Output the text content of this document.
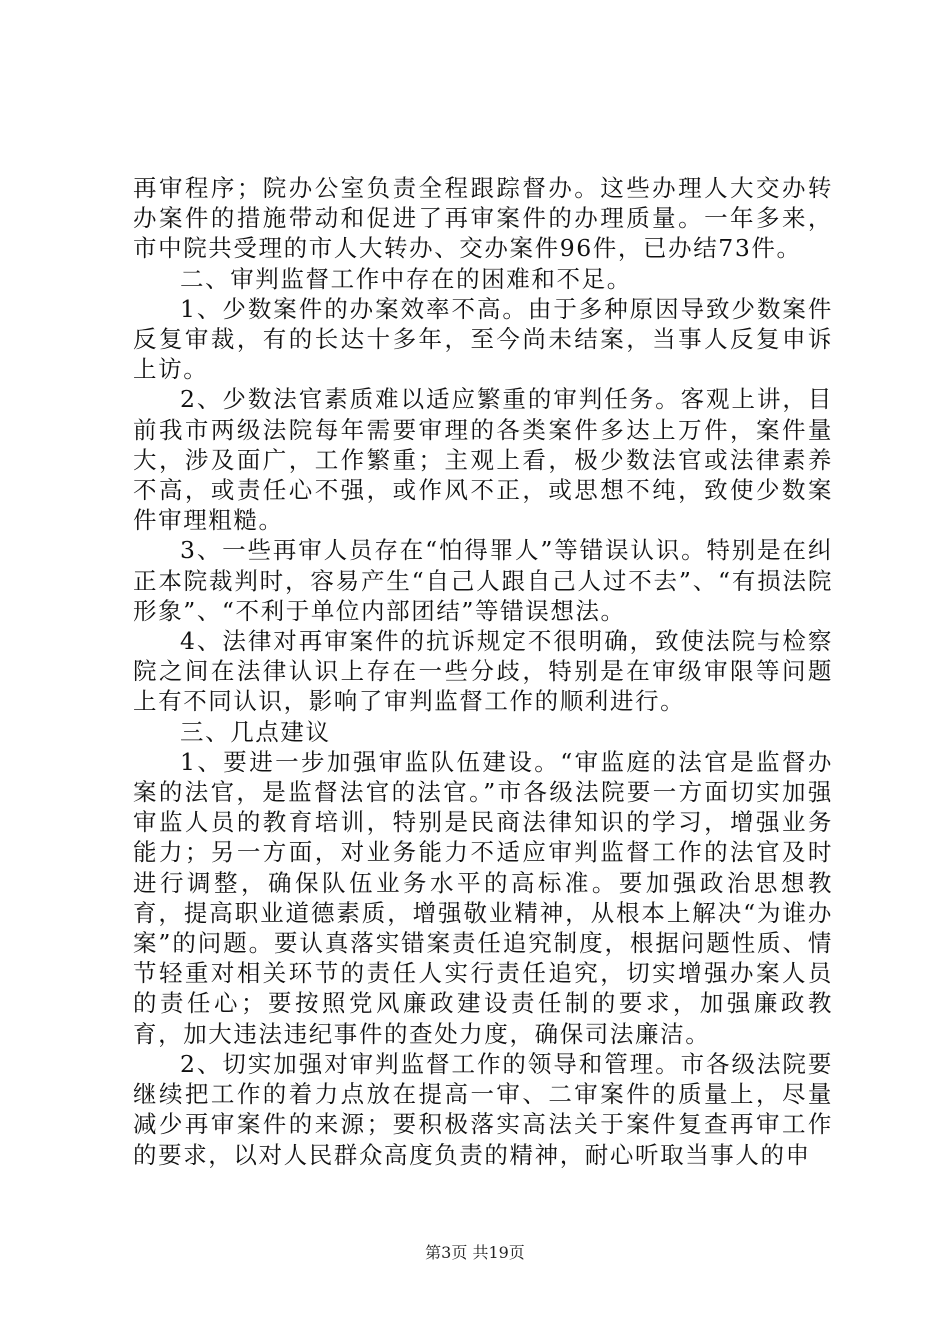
再审程序；院办公室负责全程跟踪督办。这些办理人大交办转办案件的措施带动和促进了再审案件的办理质量。一年多来，市中院共受理的市人大转办、交办案件96件，已办结73件。

二、审判监督工作中存在的困难和不足。

1、少数案件的办案效率不高。由于多种原因导致少数案件反复审裁，有的长达十多年，至今尚未结案，当事人反复申诉上访。

2、少数法官素质难以适应繁重的审判任务。客观上讲，目前我市两级法院每年需要审理的各类案件多达上万件，案件量大，涉及面广，工作繁重；主观上看，极少数法官或法律素养不高，或责任心不强，或作风不正，或思想不纯，致使少数案件审理粗糙。

3、一些再审人员存在“怕得罪人”等错误认识。特别是在纠正本院裁判时，容易产生“自己人跟自己人过不去”、“有损法院形象”、“不利于单位内部团结”等错误想法。

4、法律对再审案件的抗诉规定不很明确，致使法院与检察院之间在法律认识上存在一些分歧，特别是在审级审限等问题上有不同认识，影响了审判监督工作的顺利进行。

三、几点建议

1、要进一步加强审监队伍建设。“审监庭的法官是监督办案的法官，是监督法官的法官。”市各级法院要一方面切实加强审监人员的教育培训，特别是民商法律知识的学习，增强业务能力；另一方面，对业务能力不适应审判监督工作的法官及时进行调整，确保队伍业务水平的高标准。要加强政治思想教育，提高职业道德素质，增强敬业精神，从根本上解决“为谁办案”的问题。要认真落实错案责任追究制度，根据问题性质、情节轻重对相关环节的责任人实行责任追究，切实增强办案人员的责任心；要按照党风廉政建设责任制的要求，加强廉政教育，加大违法违纪事件的查处力度，确保司法廉洁。

2、切实加强对审判监督工作的领导和管理。市各级法院要继续把工作的着力点放在提高一审、二审案件的质量上，尽量减少再审案件的来源；要积极落实高法关于案件复查再审工作的要求，以对人民群众高度负责的精神，耐心听取当事人的申

第3页 共19页
